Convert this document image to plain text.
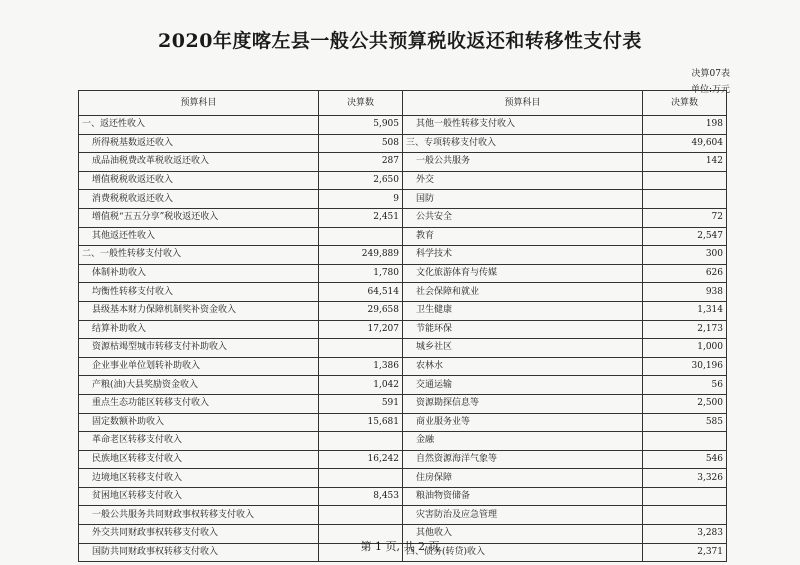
2020年度喀左县一般公共预算税收返还和转移性支付表
决算07表
单位:万元
预算科目	决算数	预算科目	决算数
一、返还性收入	5,905	其他一般性转移支付收入	198
所得税基数返还收入	508	三、专项转移支付收入	49,604
成品油税费改革税收返还收入	287	一般公共服务	142
增值税税收返还收入	2,650	外交	
消费税税收返还收入	9	国防	
增值税“五五分享”税收返还收入	2,451	公共安全	72
其他返还性收入		教育	2,547
二、一般性转移支付收入	249,889	科学技术	300
体制补助收入	1,780	文化旅游体育与传媒	626
均衡性转移支付收入	64,514	社会保障和就业	938
县级基本财力保障机制奖补资金收入	29,658	卫生健康	1,314
结算补助收入	17,207	节能环保	2,173
资源枯竭型城市转移支付补助收入		城乡社区	1,000
企业事业单位划转补助收入	1,386	农林水	30,196
产粮(油)大县奖励资金收入	1,042	交通运输	56
重点生态功能区转移支付收入	591	资源勘探信息等	2,500
固定数额补助收入	15,681	商业服务业等	585
革命老区转移支付收入		金融	
民族地区转移支付收入	16,242	自然资源海洋气象等	546
边境地区转移支付收入		住房保障	3,326
贫困地区转移支付收入	8,453	粮油物资储备	
一般公共服务共同财政事权转移支付收入		灾害防治及应急管理	
外交共同财政事权转移支付收入		其他收入	3,283
国防共同财政事权转移支付收入		四、债务(转贷)收入	2,371
第 1 页, 共 2 页
